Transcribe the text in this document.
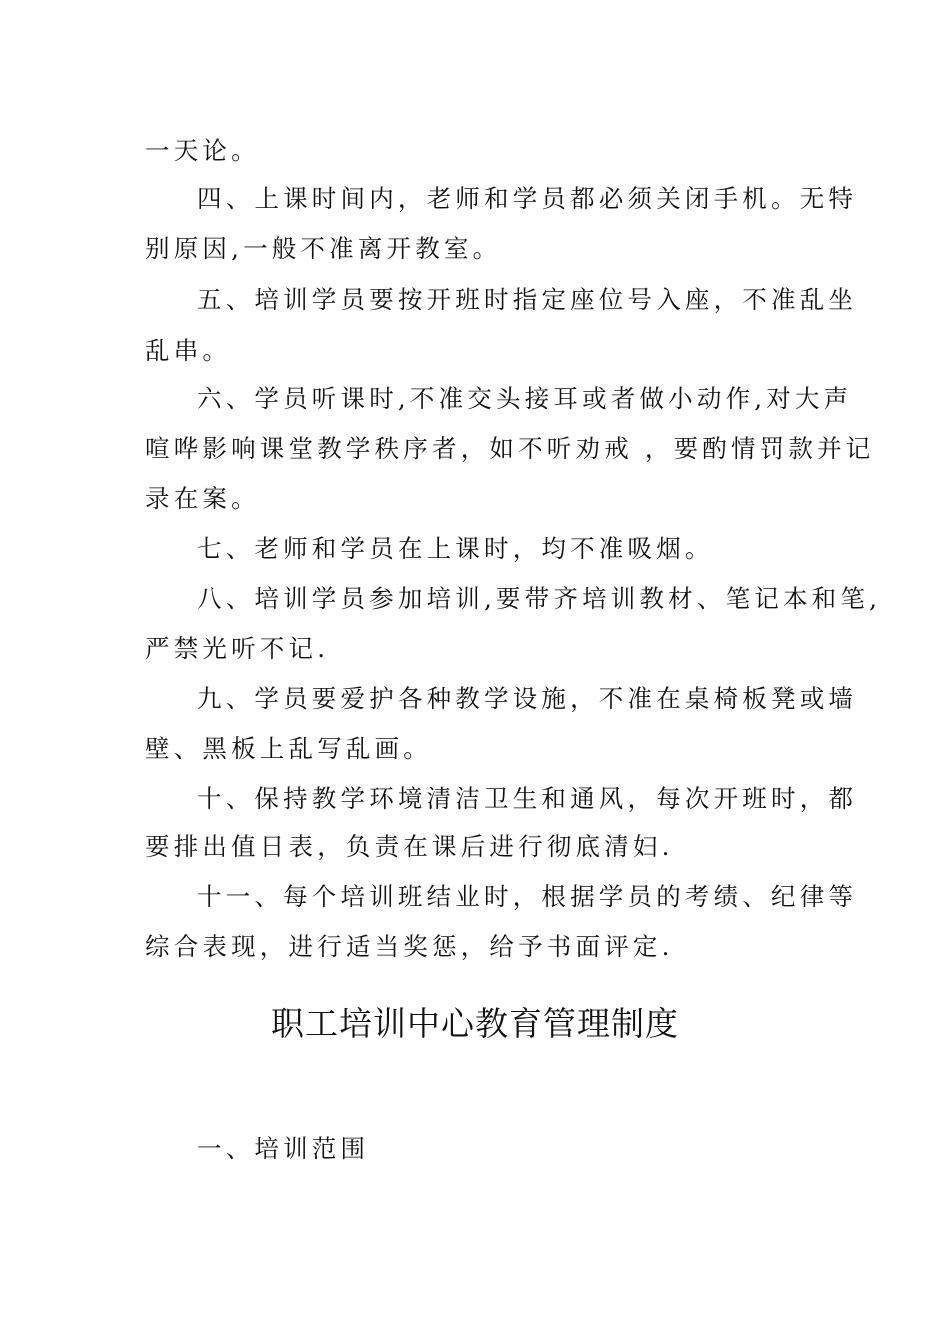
一天论。
四、上课时间内，老师和学员都必须关闭手机。无特
别原因,一般不准离开教室。
五、培训学员要按开班时指定座位号入座，不准乱坐
乱串。
六、学员听课时,不准交头接耳或者做小动作,对大声
喧哗影响课堂教学秩序者，如不听劝戒 ，要酌情罚款并记
录在案。
七、老师和学员在上课时，均不准吸烟。
八、培训学员参加培训,要带齐培训教材、笔记本和笔,
严禁光听不记.
九、学员要爱护各种教学设施，不准在桌椅板凳或墙
壁、黑板上乱写乱画。
十、保持教学环境清洁卫生和通风，每次开班时，都
要排出值日表，负责在课后进行彻底清妇.
十一、每个培训班结业时，根据学员的考绩、纪律等
综合表现，进行适当奖惩，给予书面评定.
职工培训中心教育管理制度
一、培训范围
